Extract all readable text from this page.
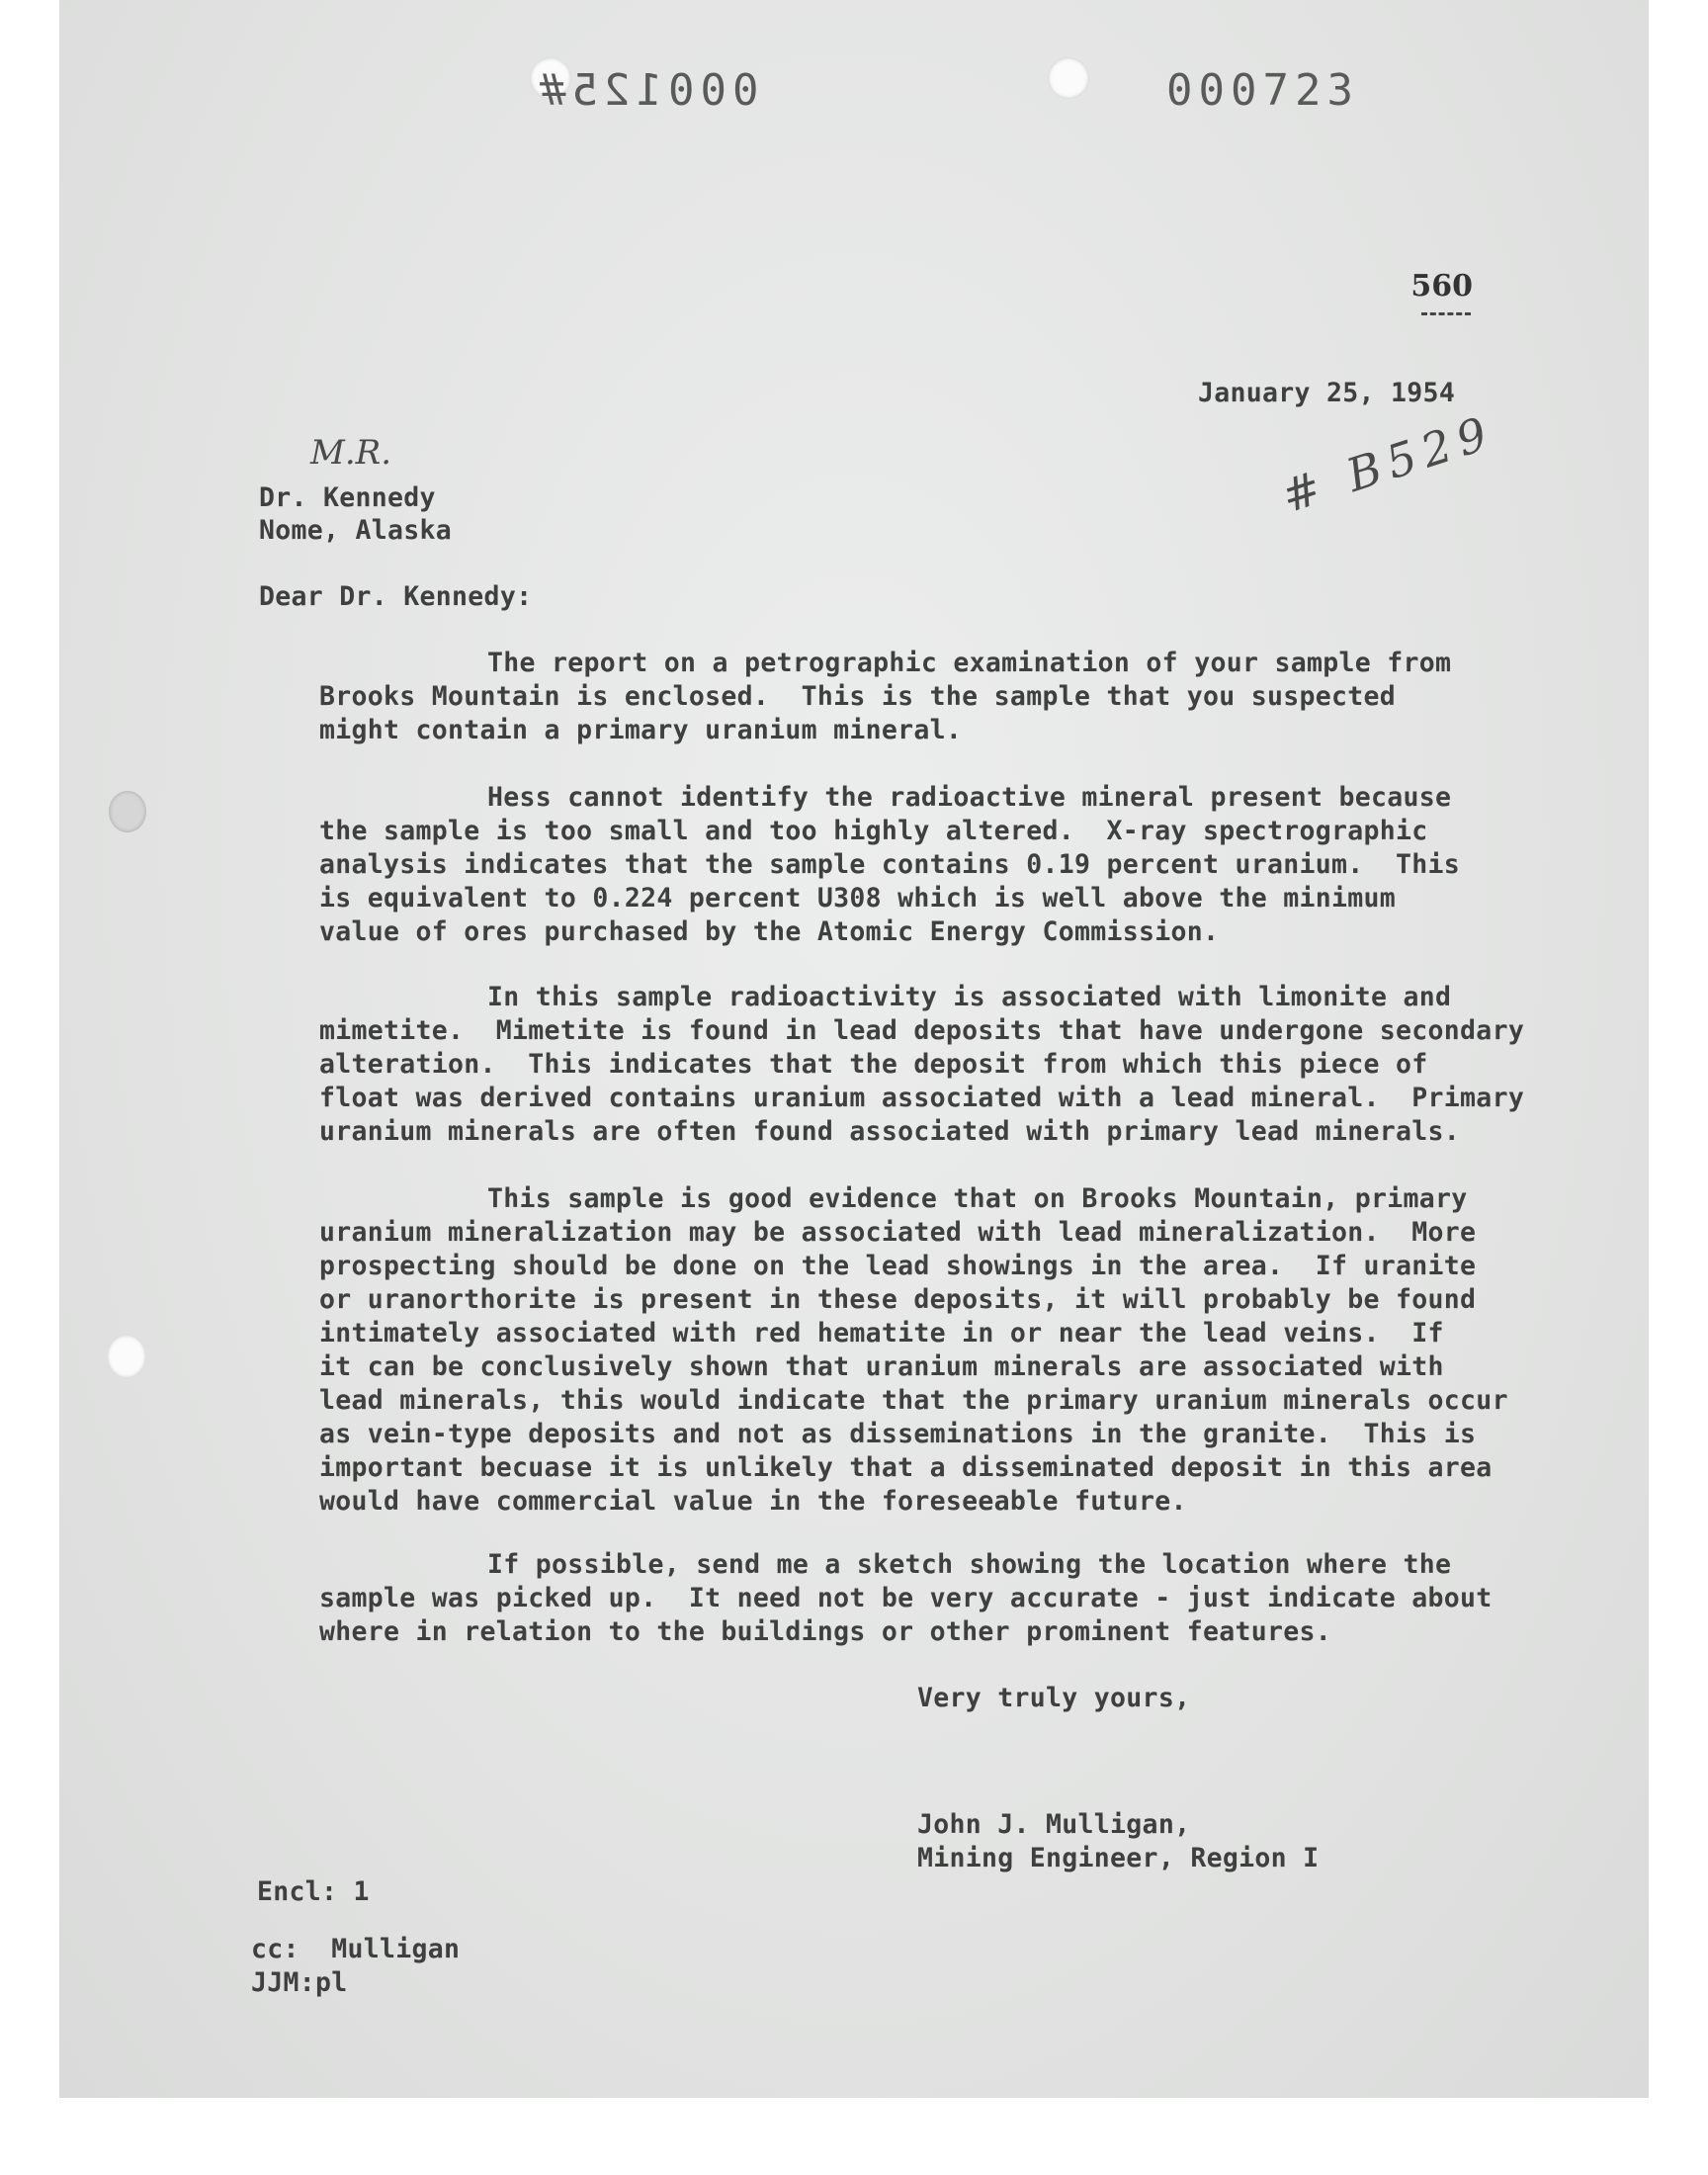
000125#	000723
560
M.R.	# B529
January 25, 1954
Dr. Kennedy
Nome, Alaska
Dear Dr. Kennedy:
The report on a petrographic examination of your sample from
Brooks Mountain is enclosed.  This is the sample that you suspected
might contain a primary uranium mineral.
Hess cannot identify the radioactive mineral present because
the sample is too small and too highly altered.  X-ray spectrographic
analysis indicates that the sample contains 0.19 percent uranium.  This
is equivalent to 0.224 percent U308 which is well above the minimum
value of ores purchased by the Atomic Energy Commission.
In this sample radioactivity is associated with limonite and
mimetite.  Mimetite is found in lead deposits that have undergone secondary
alteration.  This indicates that the deposit from which this piece of
float was derived contains uranium associated with a lead mineral.  Primary
uranium minerals are often found associated with primary lead minerals.
This sample is good evidence that on Brooks Mountain, primary
uranium mineralization may be associated with lead mineralization.  More
prospecting should be done on the lead showings in the area.  If uranite
or uranorthorite is present in these deposits, it will probably be found
intimately associated with red hematite in or near the lead veins.  If
it can be conclusively shown that uranium minerals are associated with
lead minerals, this would indicate that the primary uranium minerals occur
as vein-type deposits and not as disseminations in the granite.  This is
important becuase it is unlikely that a disseminated deposit in this area
would have commercial value in the foreseeable future.
If possible, send me a sketch showing the location where the
sample was picked up.  It need not be very accurate - just indicate about
where in relation to the buildings or other prominent features.
Very truly yours,
John J. Mulligan,
Mining Engineer, Region I
Encl: 1
cc:  Mulligan
JJM:pl
